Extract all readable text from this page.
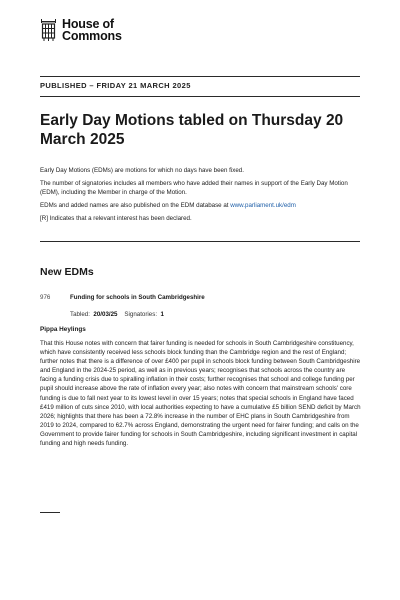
House of
Commons
PUBLISHED – FRIDAY 21 MARCH 2025
Early Day Motions tabled on Thursday 20 March 2025

Early Day Motions (EDMs) are motions for which no days have been fixed.

The number of signatories includes all members who have added their names in support of the Early Day Motion (EDM), including the Member in charge of the Motion.

EDMs and added names are also published on the EDM database at www.parliament.uk/edm

[R] Indicates that a relevant interest has been declared.

New EDMs
976	Funding for schools in South Cambridgeshire
Tabled: 20/03/25 Signatories: 1

Pippa Heylings

That this House notes with concern that fairer funding is needed for schools in South Cambridgeshire constituency, which have consistently received less schools block funding than the Cambridge region and the rest of England; further notes that there is a difference of over £400 per pupil in schools block funding between South Cambridgeshire and England in the 2024-25 period, as well as in previous years; recognises that schools across the country are facing a funding crisis due to spiralling inflation in their costs; further recognises that school and college funding per pupil should increase above the rate of inflation every year; also notes with concern that mainstream schools' core funding is due to fall next year to its lowest level in over 15 years; notes that special schools in England have faced £419 million of cuts since 2010, with local authorities expecting to have a cumulative £5 billion SEND deficit by March 2026; highlights that there has been a 72.8% increase in the number of EHC plans in South Cambridgeshire from 2019 to 2024, compared to 62.7% across England, demonstrating the urgent need for fairer funding; and calls on the Government to provide fairer funding for schools in South Cambridgeshire, including significant investment in capital funding and high needs funding.
